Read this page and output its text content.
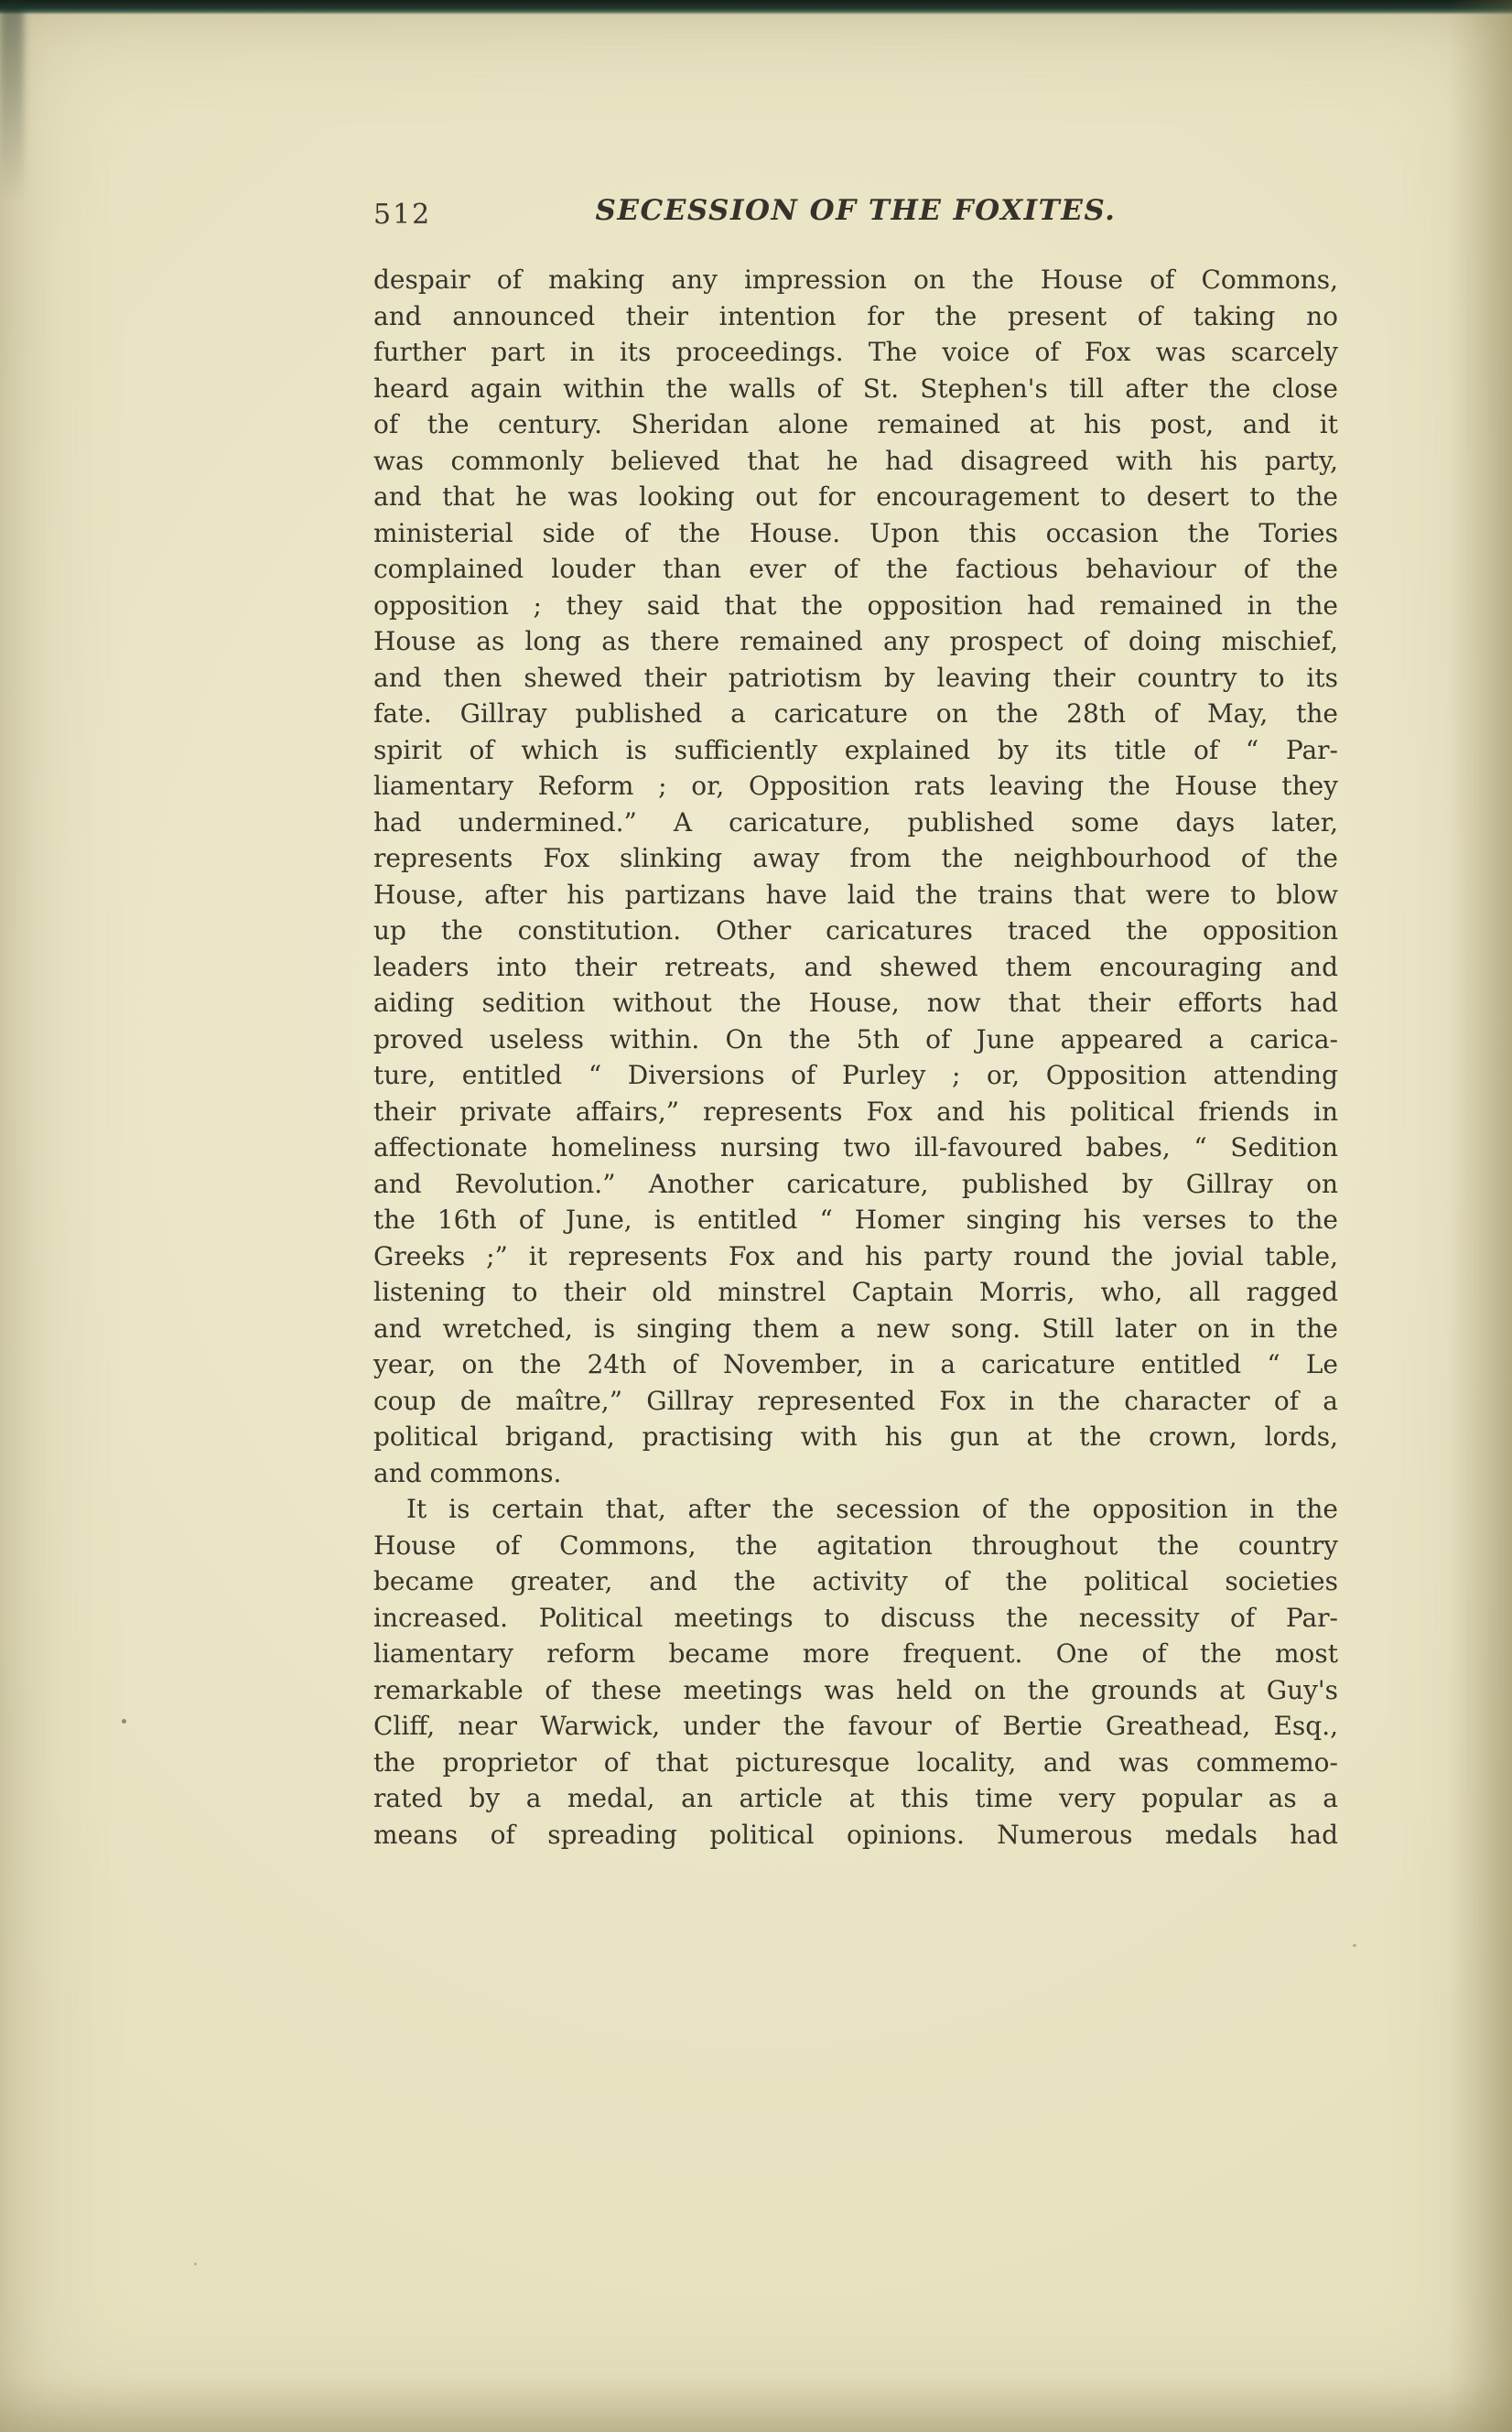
512	SECESSION OF THE FOXITES.
despair of making any impression on the House of Commons,
and announced their intention for the present of taking no
further part in its proceedings. The voice of Fox was scarcely
heard again within the walls of St. Stephen's till after the close
of the century. Sheridan alone remained at his post, and it
was commonly believed that he had disagreed with his party,
and that he was looking out for encouragement to desert to the
ministerial side of the House. Upon this occasion the Tories
complained louder than ever of the factious behaviour of the
opposition ; they said that the opposition had remained in the
House as long as there remained any prospect of doing mischief,
and then shewed their patriotism by leaving their country to its
fate. Gillray published a caricature on the 28th of May, the
spirit of which is sufficiently explained by its title of “ Par-
liamentary Reform ; or, Opposition rats leaving the House they
had undermined.” A caricature, published some days later,
represents Fox slinking away from the neighbourhood of the
House, after his partizans have laid the trains that were to blow
up the constitution. Other caricatures traced the opposition
leaders into their retreats, and shewed them encouraging and
aiding sedition without the House, now that their efforts had
proved useless within. On the 5th of June appeared a carica-
ture, entitled “ Diversions of Purley ; or, Opposition attending
their private affairs,” represents Fox and his political friends in
affectionate homeliness nursing two ill-favoured babes, “ Sedition
and Revolution.” Another caricature, published by Gillray on
the 16th of June, is entitled “ Homer singing his verses to the
Greeks ;” it represents Fox and his party round the jovial table,
listening to their old minstrel Captain Morris, who, all ragged
and wretched, is singing them a new song. Still later on in the
year, on the 24th of November, in a caricature entitled “ Le
coup de maître,” Gillray represented Fox in the character of a
political brigand, practising with his gun at the crown, lords,
and commons.
It is certain that, after the secession of the opposition in the
House of Commons, the agitation throughout the country
became greater, and the activity of the political societies
increased. Political meetings to discuss the necessity of Par-
liamentary reform became more frequent. One of the most
remarkable of these meetings was held on the grounds at Guy's
Cliff, near Warwick, under the favour of Bertie Greathead, Esq.,
the proprietor of that picturesque locality, and was commemo-
rated by a medal, an article at this time very popular as a
means of spreading political opinions. Numerous medals had
